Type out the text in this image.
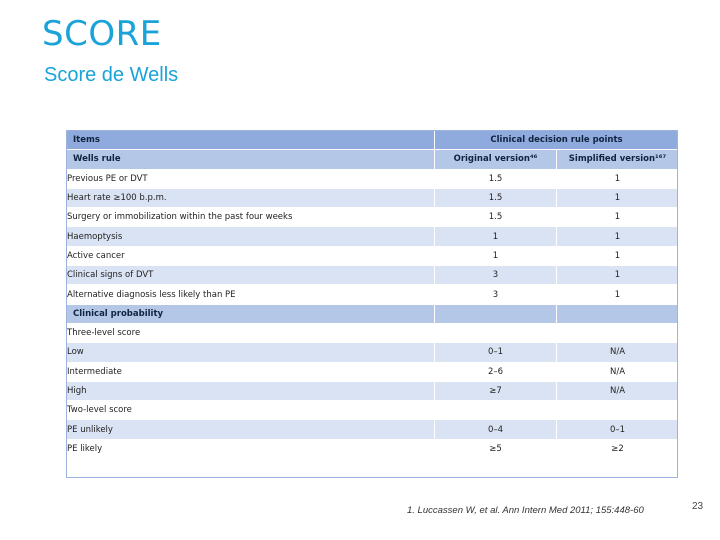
SCORE
Score de Wells
Items	Clinical decision rule points	
Wells rule	Original version⁴⁶	Simplified version¹⁶⁷
Previous PE or DVT	1.5	1
Heart rate ≥100 b.p.m.	1.5	1
Surgery or immobilization within the past four weeks	1.5	1
Haemoptysis	1	1
Active cancer	1	1
Clinical signs of DVT	3	1
Alternative diagnosis less likely than PE	3	1
Clinical probability		
Three-level score		
Low	0–1	N/A
Intermediate	2–6	N/A
High	≥7	N/A
Two-level score		
PE unlikely	0–4	0–1
PE likely	≥5	≥2
1. Luccassen W, et al. Ann Intern Med 2011; 155:448-60	23
